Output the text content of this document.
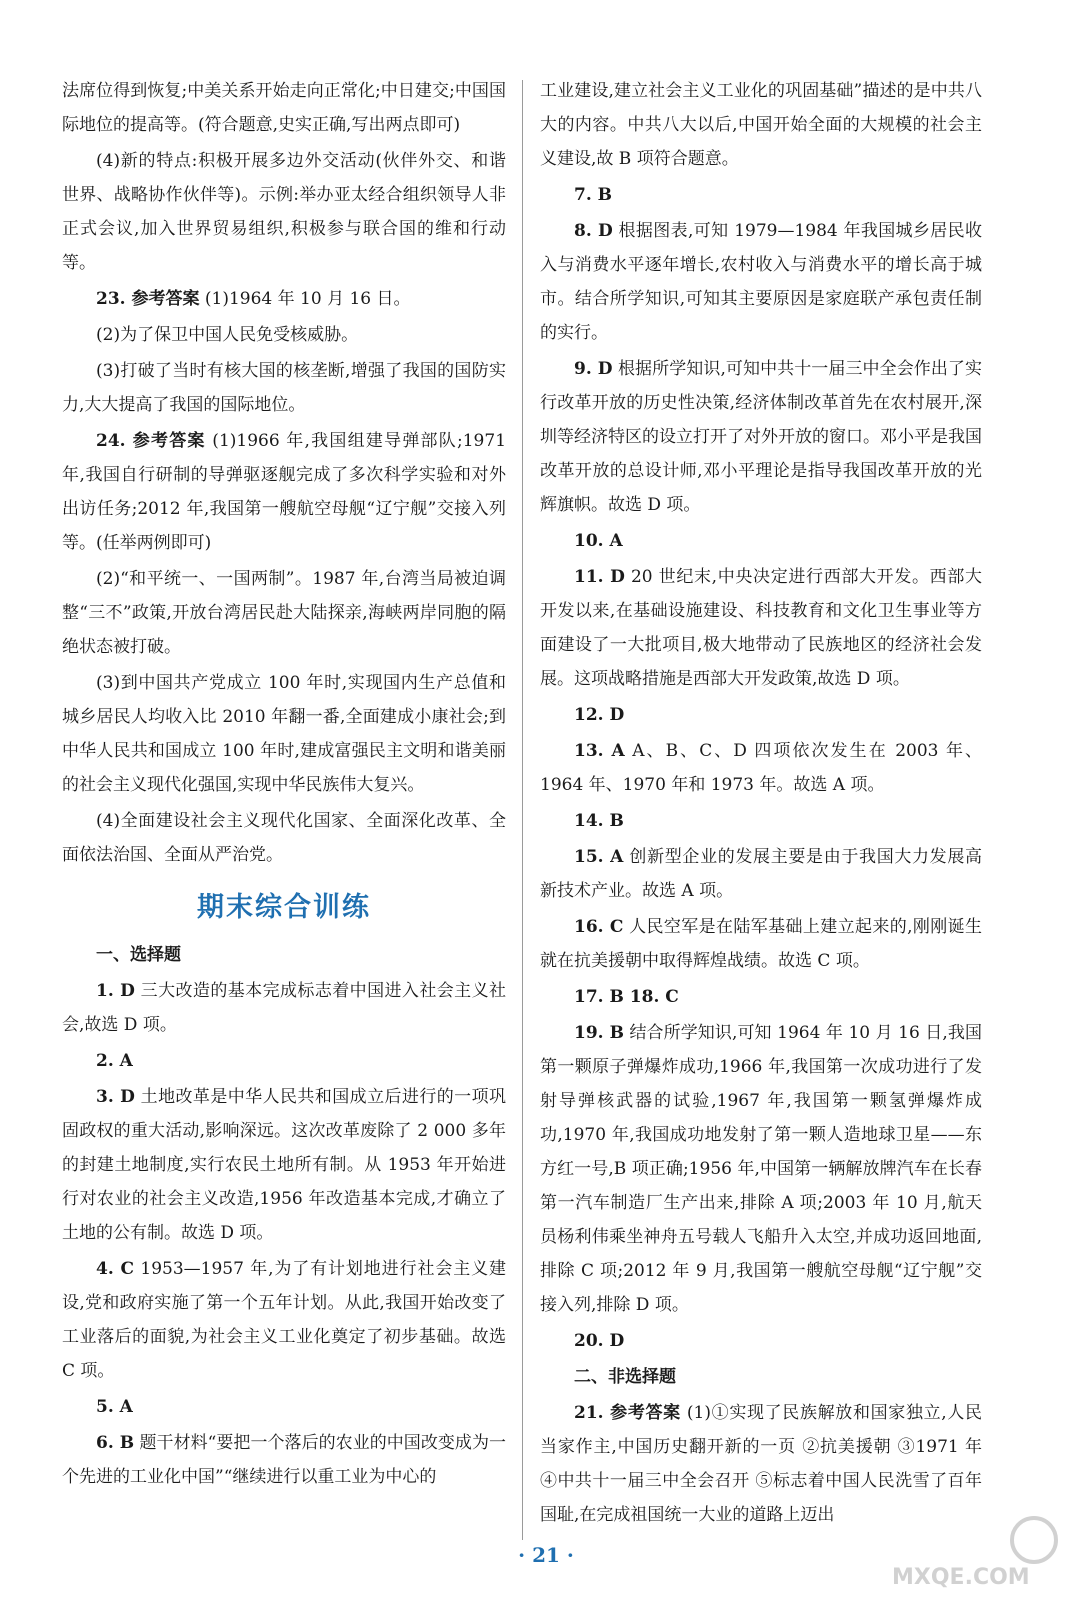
法席位得到恢复;中美关系开始走向正常化;中日建交;中国国际地位的提高等。(符合题意,史实正确,写出两点即可)

(4)新的特点:积极开展多边外交活动(伙伴外交、和谐世界、战略协作伙伴等)。示例:举办亚太经合组织领导人非正式会议,加入世界贸易组织,积极参与联合国的维和行动等。

23. 参考答案 (1)1964 年 10 月 16 日。

(2)为了保卫中国人民免受核威胁。

(3)打破了当时有核大国的核垄断,增强了我国的国防实力,大大提高了我国的国际地位。

24. 参考答案 (1)1966 年,我国组建导弹部队;1971 年,我国自行研制的导弹驱逐舰完成了多次科学实验和对外出访任务;2012 年,我国第一艘航空母舰“辽宁舰”交接入列等。(任举两例即可)

(2)“和平统一、一国两制”。1987 年,台湾当局被迫调整“三不”政策,开放台湾居民赴大陆探亲,海峡两岸同胞的隔绝状态被打破。

(3)到中国共产党成立 100 年时,实现国内生产总值和城乡居民人均收入比 2010 年翻一番,全面建成小康社会;到中华人民共和国成立 100 年时,建成富强民主文明和谐美丽的社会主义现代化强国,实现中华民族伟大复兴。

(4)全面建设社会主义现代化国家、全面深化改革、全面依法治国、全面从严治党。

期末综合训练

一、选择题

1. D 三大改造的基本完成标志着中国进入社会主义社会,故选 D 项。

2. A

3. D 土地改革是中华人民共和国成立后进行的一项巩固政权的重大活动,影响深远。这次改革废除了 2 000 多年的封建土地制度,实行农民土地所有制。从 1953 年开始进行对农业的社会主义改造,1956 年改造基本完成,才确立了土地的公有制。故选 D 项。

4. C 1953—1957 年,为了有计划地进行社会主义建设,党和政府实施了第一个五年计划。从此,我国开始改变了工业落后的面貌,为社会主义工业化奠定了初步基础。故选 C 项。

5. A

6. B 题干材料“要把一个落后的农业的中国改变成为一个先进的工业化中国”“继续进行以重工业为中心的

工业建设,建立社会主义工业化的巩固基础”描述的是中共八大的内容。中共八大以后,中国开始全面的大规模的社会主义建设,故 B 项符合题意。

7. B

8. D 根据图表,可知 1979—1984 年我国城乡居民收入与消费水平逐年增长,农村收入与消费水平的增长高于城市。结合所学知识,可知其主要原因是家庭联产承包责任制的实行。

9. D 根据所学知识,可知中共十一届三中全会作出了实行改革开放的历史性决策,经济体制改革首先在农村展开,深圳等经济特区的设立打开了对外开放的窗口。邓小平是我国改革开放的总设计师,邓小平理论是指导我国改革开放的光辉旗帜。故选 D 项。

10. A

11. D 20 世纪末,中央决定进行西部大开发。西部大开发以来,在基础设施建设、科技教育和文化卫生事业等方面建设了一大批项目,极大地带动了民族地区的经济社会发展。这项战略措施是西部大开发政策,故选 D 项。

12. D

13. A A、B、C、D 四项依次发生在 2003 年、1964 年、1970 年和 1973 年。故选 A 项。

14. B

15. A 创新型企业的发展主要是由于我国大力发展高新技术产业。故选 A 项。

16. C 人民空军是在陆军基础上建立起来的,刚刚诞生就在抗美援朝中取得辉煌战绩。故选 C 项。

17. B 18. C

19. B 结合所学知识,可知 1964 年 10 月 16 日,我国第一颗原子弹爆炸成功,1966 年,我国第一次成功进行了发射导弹核武器的试验,1967 年,我国第一颗氢弹爆炸成功,1970 年,我国成功地发射了第一颗人造地球卫星——东方红一号,B 项正确;1956 年,中国第一辆解放牌汽车在长春第一汽车制造厂生产出来,排除 A 项;2003 年 10 月,航天员杨利伟乘坐神舟五号载人飞船升入太空,并成功返回地面,排除 C 项;2012 年 9 月,我国第一艘航空母舰“辽宁舰”交接入列,排除 D 项。

20. D

二、非选择题

21. 参考答案 (1)①实现了民族解放和国家独立,人民当家作主,中国历史翻开新的一页 ②抗美援朝 ③1971 年 ④中共十一届三中全会召开 ⑤标志着中国人民洗雪了百年国耻,在完成祖国统一大业的道路上迈出

· 21 ·
MXQE.COM
